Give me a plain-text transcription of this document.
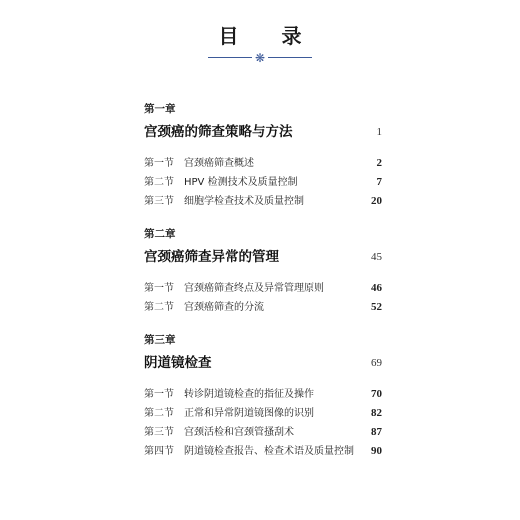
目 录
❋
第一章
宫颈癌的筛查策略与方法	1
第一节 宫颈癌筛查概述	2
第二节 HPV 检测技术及质量控制	7
第三节 细胞学检查技术及质量控制	20
第二章
宫颈癌筛查异常的管理	45
第一节 宫颈癌筛查终点及异常管理原则	46
第二节 宫颈癌筛查的分流	52
第三章
阴道镜检查	69
第一节 转诊阴道镜检查的指征及操作	70
第二节 正常和异常阴道镜图像的识别	82
第三节 宫颈活检和宫颈管搔刮术	87
第四节 阴道镜检查报告、检查术语及质量控制 90
